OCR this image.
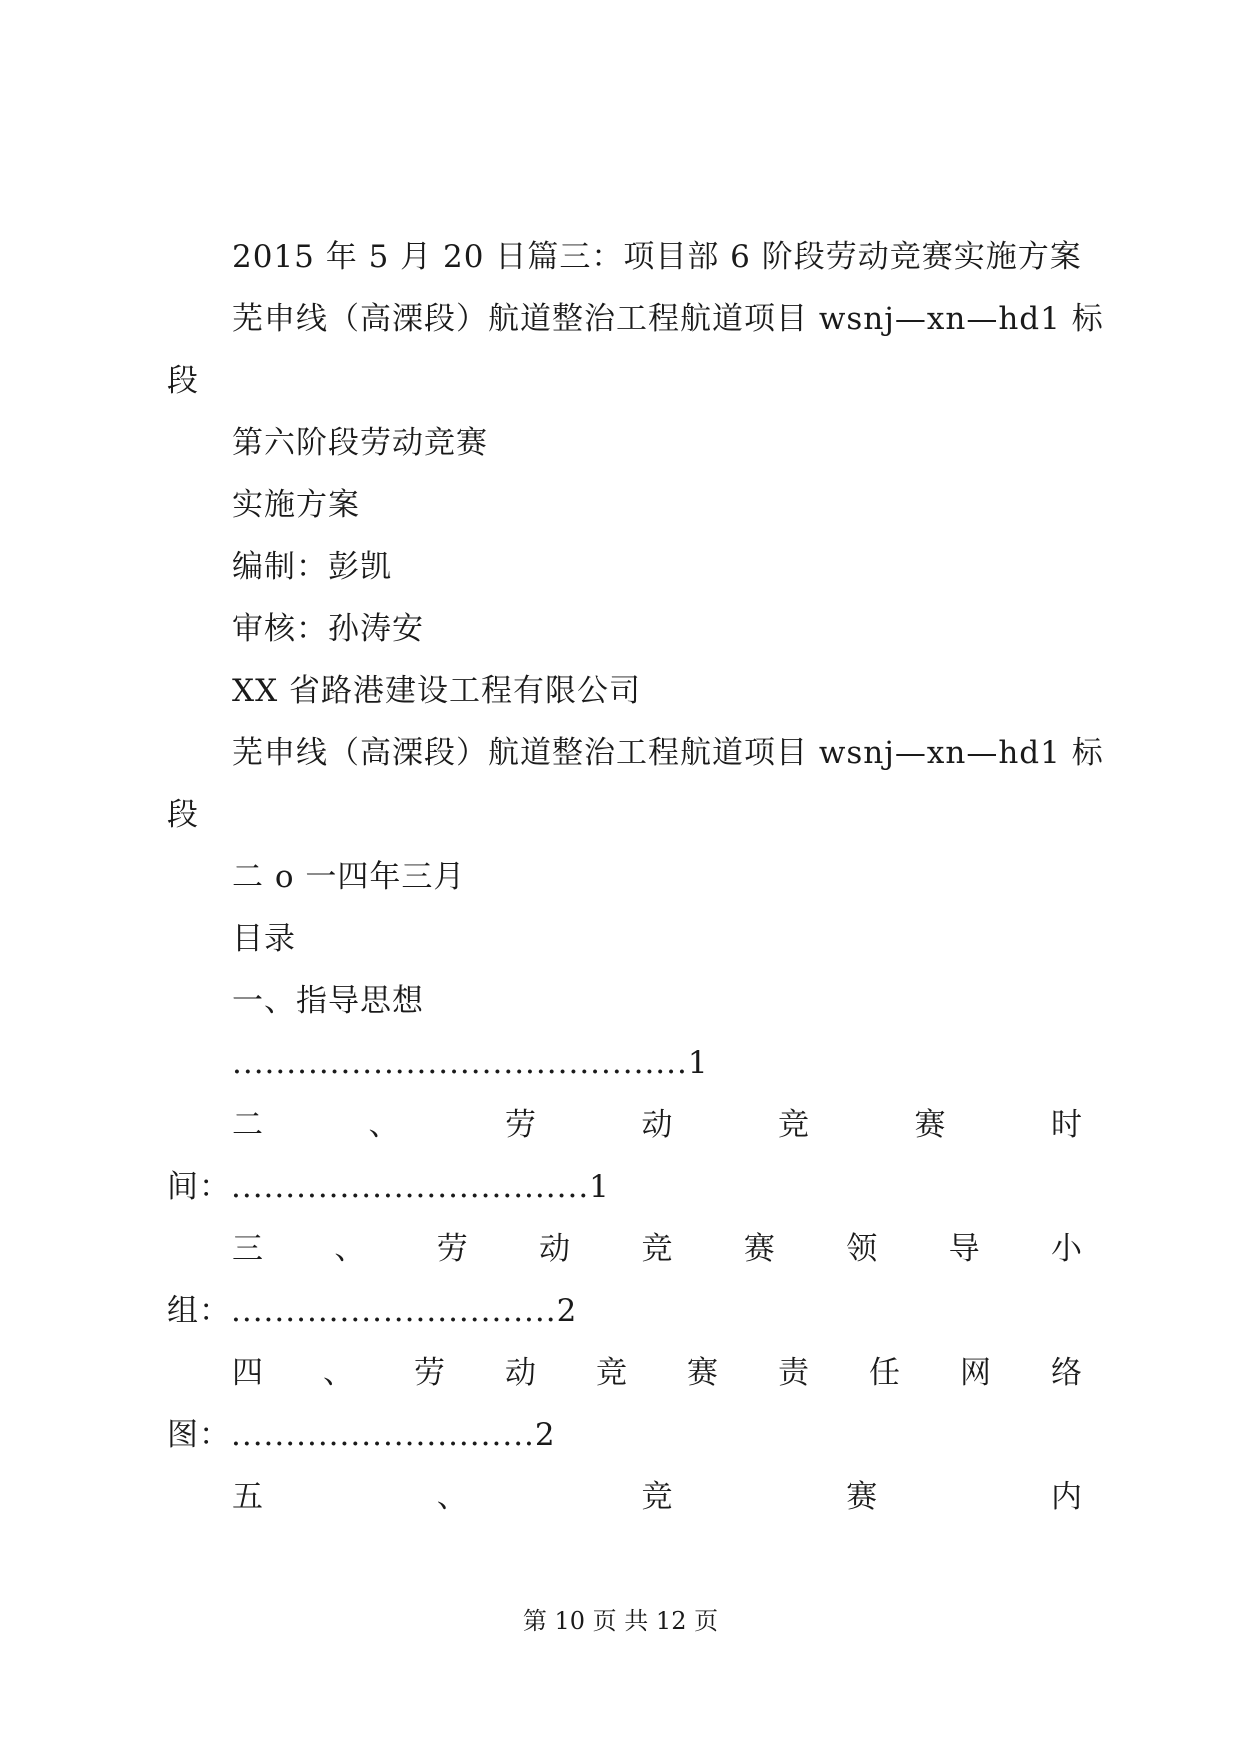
2015 年 5 月 20 日篇三：项目部 6 阶段劳动竞赛实施方案
芜申线（高溧段）航道整治工程航道项目 wsnj—xn—hd1 标
段
第六阶段劳动竞赛
实施方案
编制：彭凯
审核：孙涛安
XX 省路港建设工程有限公司
芜申线（高溧段）航道整治工程航道项目 wsnj—xn—hd1 标
段
二 o 一四年三月
目录
一、指导思想
..........................................1
二	、	劳	动	竞	赛	时
间：.................................1
三 、 劳 动 竞 赛 领 导 小
组：..............................2
四 、 劳 动 竞 赛 责 任 网 络
图：............................2
五	、	竞	赛	内
第 10 页 共 12 页
